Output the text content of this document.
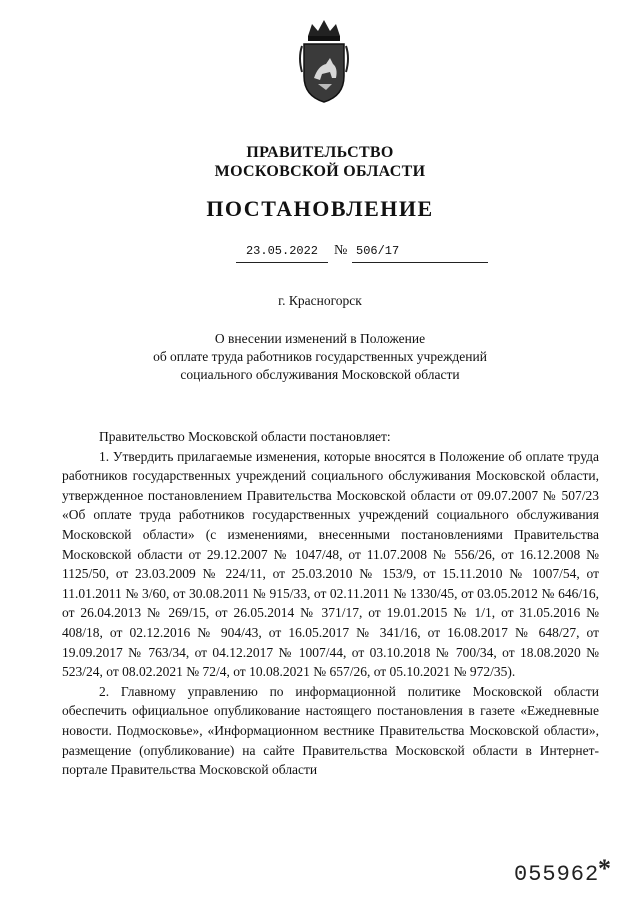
ПРАВИТЕЛЬСТВО
МОСКОВСКОЙ ОБЛАСТИ
ПОСТАНОВЛЕНИЕ
23.05.2022	№ 506/17
г. Красногорск
О внесении изменений в Положение
об оплате труда работников государственных учреждений
социального обслуживания Московской области

Правительство Московской области постановляет:

1. Утвердить прилагаемые изменения, которые вносятся в Положение об оплате труда работников государственных учреждений социального обслуживания Московской области, утвержденное постановлением Правительства Московской области от 09.07.2007 № 507/23 «Об оплате труда работников государственных учреждений социального обслуживания Московской области» (с изменениями, внесенными постановлениями Правительства Московской области от 29.12.2007 № 1047/48, от 11.07.2008 № 556/26, от 16.12.2008 № 1125/50, от 23.03.2009 № 224/11, от 25.03.2010 № 153/9, от 15.11.2010 № 1007/54, от 11.01.2011 № 3/60, от 30.08.2011 № 915/33, от 02.11.2011 № 1330/45, от 03.05.2012 № 646/16, от 26.04.2013 № 269/15, от 26.05.2014 № 371/17, от 19.01.2015 № 1/1, от 31.05.2016 № 408/18, от 02.12.2016 № 904/43, от 16.05.2017 № 341/16, от 16.08.2017 № 648/27, от 19.09.2017 № 763/34, от 04.12.2017 № 1007/44, от 03.10.2018 № 700/34, от 18.08.2020 № 523/24, от 08.02.2021 № 72/4, от 10.08.2021 № 657/26, от 05.10.2021 № 972/35).

2. Главному управлению по информационной политике Московской области обеспечить официальное опубликование настоящего постановления в газете «Ежедневные новости. Подмосковье», «Информационном вестнике Правительства Московской области», размещение (опубликование) на сайте Правительства Московской области в Интернет-портале Правительства Московской области

055962
*
